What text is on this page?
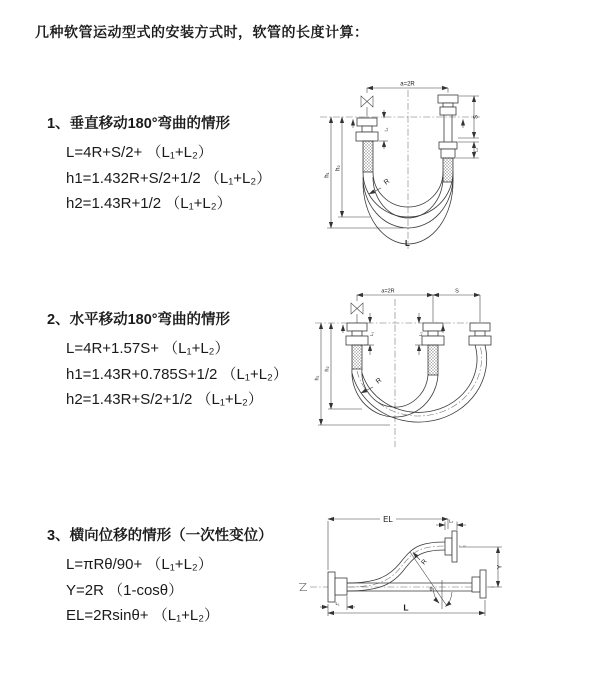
几种软管运动型式的安装方式时，软管的长度计算：
1、垂直移动180°弯曲的情形
L=4R+S/2+ （L₁+L₂）
h1=1.432R+S/2+1/2 （L₁+L₂）
h2=1.43R+1/2 （L₁+L₂）
a=2R
R
h₁
h₂
L₁
S
L₂
L
2、水平移动180°弯曲的情形
L=4R+1.57S+ （L₁+L₂）
h1=1.43R+0.785S+1/2 （L₁+L₂）
h2=1.43R+S/2+1/2 （L₁+L₂）
a=2R	S
h₁
h₂
L₁	L₂
R
3、横向位移的情形（一次性变位）
L=πRθ/90+ （L₁+L₂）
Y=2R （1-cosθ）
EL=2Rsinθ+ （L₁+L₂）
EL	L₂
Y
L
L₁
θ
R
